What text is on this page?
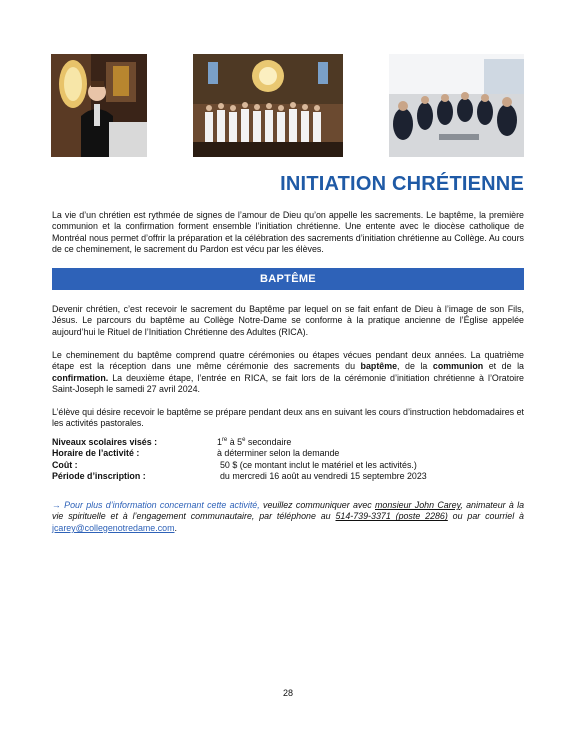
INITIATION CHRÉTIENNE
La vie d’un chrétien est rythmée de signes de l’amour de Dieu qu’on appelle les sacrements. Le baptême, la première communion et la confirmation forment ensemble l’initiation chrétienne. Une entente avec le diocèse catholique de Montréal nous permet d’offrir la préparation et la célébration des sacrements d’initiation chrétienne au Collège. Au cours de ce cheminement, le sacrement du Pardon est vécu par les élèves.
BAPTÊME
Devenir chrétien, c’est recevoir le sacrement du Baptême par lequel on se fait enfant de Dieu à l’image de son Fils, Jésus. Le parcours du baptême au Collège Notre-Dame se conforme à la pratique ancienne de l’Église appelée aujourd’hui le Rituel de l’Initiation Chrétienne des Adultes (RICA).
Le cheminement du baptême comprend quatre cérémonies ou étapes vécues pendant deux années. La quatrième étape est la réception dans une même cérémonie des sacrements du baptême, de la communion et de la confirmation. La deuxième étape, l’entrée en RICA, se fait lors de la cérémonie d’initiation chrétienne à l’Oratoire Saint-Joseph le samedi 27 avril 2024.
L’élève qui désire recevoir le baptême se prépare pendant deux ans en suivant les cours d’instruction hebdomadaires et les activités pastorales.
Niveaux scolaires visés :	1re à 5e secondaire
Horaire de l’activité :	à déterminer selon la demande
Coût :	50 $ (ce montant inclut le matériel et les activités.)
Période d’inscription :	du mercredi 16 août au vendredi 15 septembre 2023
→ Pour plus d’information concernant cette activité, veuillez communiquer avec monsieur John Carey, animateur à la vie spirituelle et à l’engagement communautaire, par téléphone au 514-739-3371 (poste 2286) ou par courriel à jcarey@collegenotredame.com.
28
